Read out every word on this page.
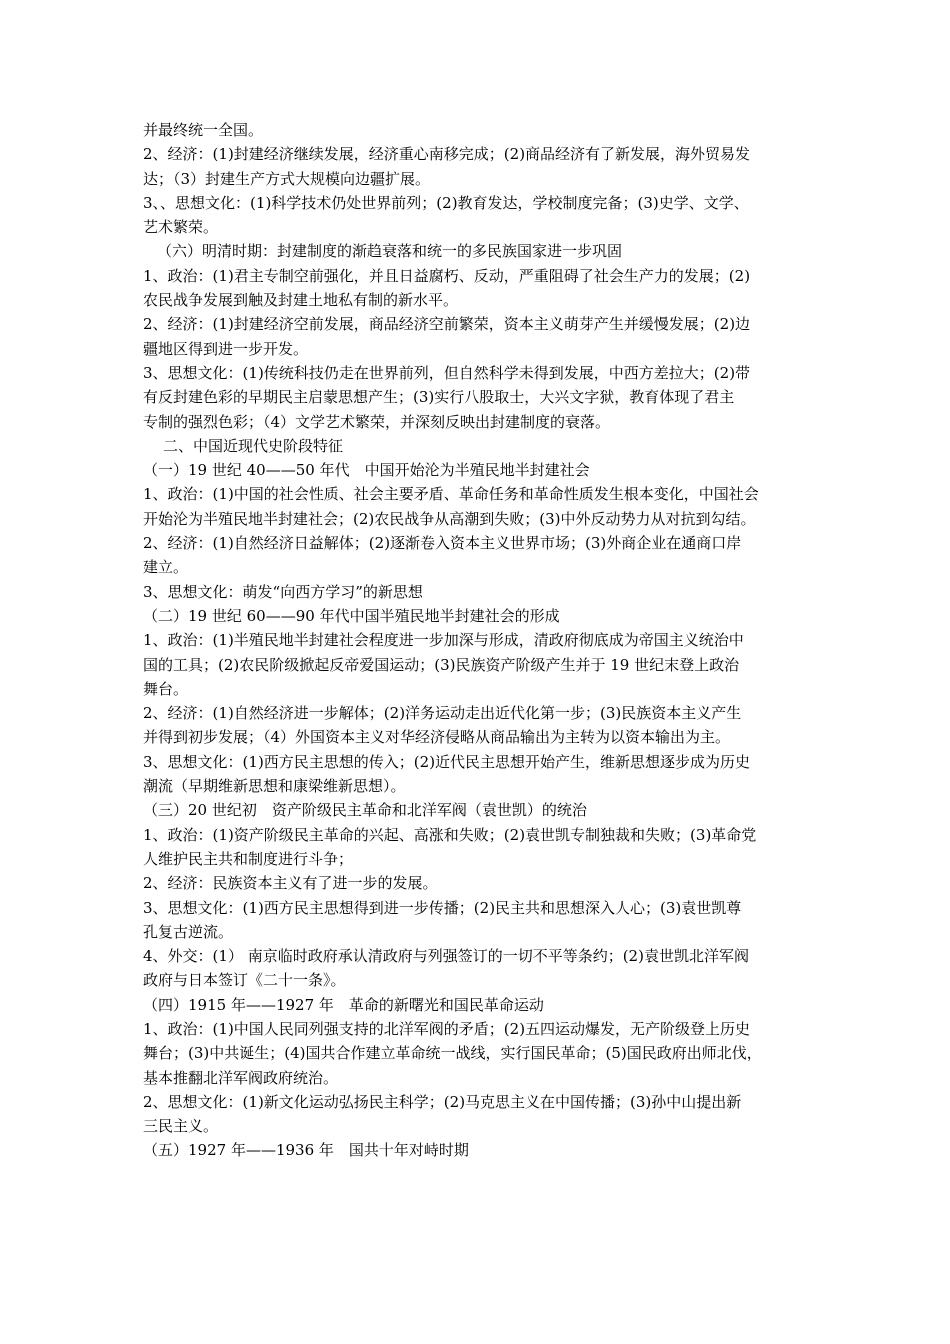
并最终统一全国。
2、经济：(1)封建经济继续发展，经济重心南移完成；(2)商品经济有了新发展，海外贸易发
达；（3）封建生产方式大规模向边疆扩展。
3、、思想文化：(1)科学技术仍处世界前列；(2)教育发达，学校制度完备；(3)史学、文学、
艺术繁荣。
（六）明清时期：封建制度的渐趋衰落和统一的多民族国家进一步巩固
1、政治：(1)君主专制空前强化，并且日益腐朽、反动，严重阻碍了社会生产力的发展；(2)
农民战争发展到触及封建土地私有制的新水平。
2、经济：(1)封建经济空前发展，商品经济空前繁荣，资本主义萌芽产生并缓慢发展；(2)边
疆地区得到进一步开发。
3、思想文化：(1)传统科技仍走在世界前列，但自然科学未得到发展，中西方差拉大；(2)带
有反封建色彩的早期民主启蒙思想产生；(3)实行八股取士，大兴文字狱，教育体现了君主
专制的强烈色彩；（4）文学艺术繁荣，并深刻反映出封建制度的衰落。
二、中国近现代史阶段特征
（一）19 世纪 40——50 年代　中国开始沦为半殖民地半封建社会
1、政治：(1)中国的社会性质、社会主要矛盾、革命任务和革命性质发生根本变化，中国社会
开始沦为半殖民地半封建社会；(2)农民战争从高潮到失败；(3)中外反动势力从对抗到勾结。
2、经济：(1)自然经济日益解体；(2)逐渐卷入资本主义世界市场；(3)外商企业在通商口岸
建立。
3、思想文化：萌发“向西方学习”的新思想
（二）19 世纪 60——90 年代中国半殖民地半封建社会的形成
1、政治：(1)半殖民地半封建社会程度进一步加深与形成，清政府彻底成为帝国主义统治中
国的工具；(2)农民阶级掀起反帝爱国运动；(3)民族资产阶级产生并于 19 世纪末登上政治
舞台。
2、经济：(1)自然经济进一步解体；(2)洋务运动走出近代化第一步；(3)民族资本主义产生
并得到初步发展；（4）外国资本主义对华经济侵略从商品输出为主转为以资本输出为主。
3、思想文化：(1)西方民主思想的传入；(2)近代民主思想开始产生，维新思想逐步成为历史
潮流（早期维新思想和康梁维新思想）。
（三）20 世纪初　资产阶级民主革命和北洋军阀（袁世凯）的统治
1、政治：(1)资产阶级民主革命的兴起、高涨和失败；(2)袁世凯专制独裁和失败；(3)革命党
人维护民主共和制度进行斗争；
2、经济：民族资本主义有了进一步的发展。
3、思想文化：(1)西方民主思想得到进一步传播；(2)民主共和思想深入人心；(3)袁世凯尊
孔复古逆流。
4、外交：(1） 南京临时政府承认清政府与列强签订的一切不平等条约；(2)袁世凯北洋军阀
政府与日本签订《二十一条》。
（四）1915 年——1927 年　革命的新曙光和国民革命运动
1、政治：(1)中国人民同列强支持的北洋军阀的矛盾；(2)五四运动爆发，无产阶级登上历史
舞台；(3)中共诞生；(4)国共合作建立革命统一战线，实行国民革命；(5)国民政府出师北伐，
基本推翻北洋军阀政府统治。
2、思想文化：(1)新文化运动弘扬民主科学；(2)马克思主义在中国传播；(3)孙中山提出新
三民主义。
（五）1927 年——1936 年　国共十年对峙时期
